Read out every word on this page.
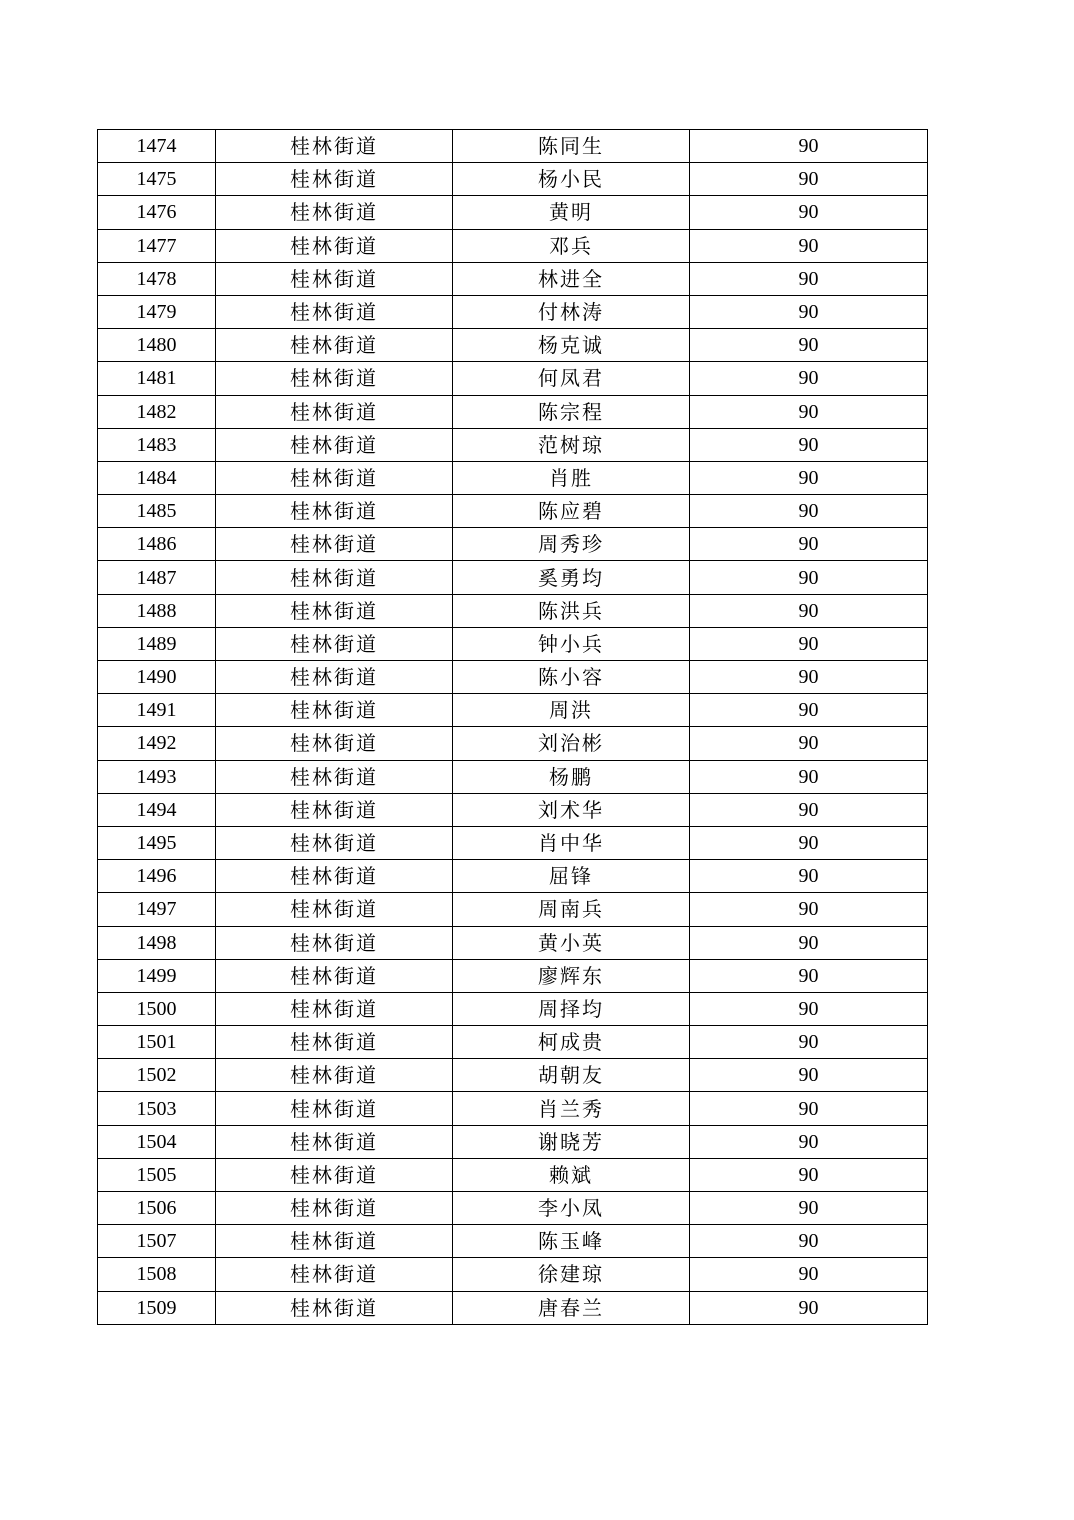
1474	桂林街道	陈同生	90
1475	桂林街道	杨小民	90
1476	桂林街道	黄明	90
1477	桂林街道	邓兵	90
1478	桂林街道	林进全	90
1479	桂林街道	付林涛	90
1480	桂林街道	杨克诚	90
1481	桂林街道	何凤君	90
1482	桂林街道	陈宗程	90
1483	桂林街道	范树琼	90
1484	桂林街道	肖胜	90
1485	桂林街道	陈应碧	90
1486	桂林街道	周秀珍	90
1487	桂林街道	奚勇均	90
1488	桂林街道	陈洪兵	90
1489	桂林街道	钟小兵	90
1490	桂林街道	陈小容	90
1491	桂林街道	周洪	90
1492	桂林街道	刘治彬	90
1493	桂林街道	杨鹏	90
1494	桂林街道	刘术华	90
1495	桂林街道	肖中华	90
1496	桂林街道	屈锋	90
1497	桂林街道	周南兵	90
1498	桂林街道	黄小英	90
1499	桂林街道	廖辉东	90
1500	桂林街道	周择均	90
1501	桂林街道	柯成贵	90
1502	桂林街道	胡朝友	90
1503	桂林街道	肖兰秀	90
1504	桂林街道	谢晓芳	90
1505	桂林街道	赖斌	90
1506	桂林街道	李小凤	90
1507	桂林街道	陈玉峰	90
1508	桂林街道	徐建琼	90
1509	桂林街道	唐春兰	90
